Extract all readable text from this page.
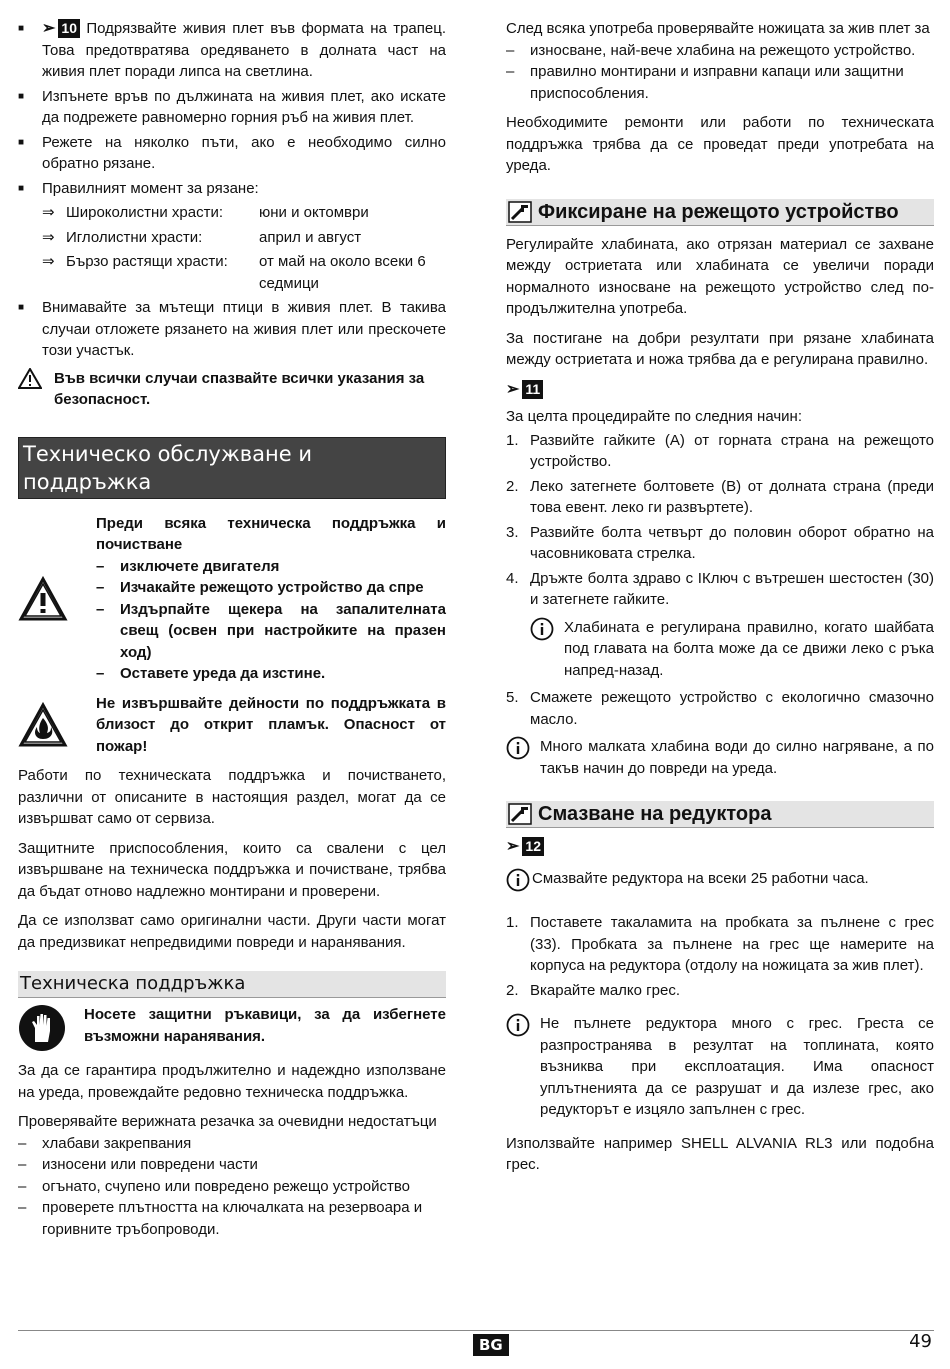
■ ➢ 10 Подрязвайте живия плет във формата на трапец. Това предотвратява оредяването в долната част на живия плет поради липса на светлина.
■ Изпънете връв по дължината на живия плет, ако искате да подрежете равномерно горния ръб на живия плет.
■ Режете на няколко пъти, ако е необходимо силно обратно рязане.
■ Правилният момент за рязане:
⇒ Широколистни храсти:	юни и октомври
⇒ Иглолистни храсти:	април и август
⇒ Бързо растящи храсти:	от май на около всеки 6 седмици
■ Внимавайте за мътещи птици в живия плет. В такива случаи отложете рязането на живия плет или прескочете този участък.
Във всички случаи спазвайте всички указания за безопасност.
Техническо обслужване и поддръжка
Преди всяка техническа поддръжка и почистване
– изключете двигателя
– Изчакайте режещото устройство да спре
– Издърпайте щекера на запалителната свещ (освен при настройките на празен ход)
– Оставете уреда да изстине.
Не извършвайте дейности по поддръжката в близост до открит пламък. Опасност от пожар!

Работи по техническата поддръжка и почистването, различни от описаните в настоящия раздел, могат да се извършват само от сервиза.

Защитните приспособления, които са свалени с цел извършване на техническа поддръжка и почистване, трябва да бъдат отново надлежно монтирани и проверени.

Да се използват само оригинални части. Други части могат да предизвикат непредвидими повреди и наранявания.

Техническа поддръжка
Носете защитни ръкавици, за да избегнете възможни наранявания.

За да се гарантира продължително и надеждно използване на уреда, провеждайте редовно техническа поддръжка.

Проверявайте верижната резачка за очевидни недостатъци

– хлабави закрепвания
– износени или повредени части
– огънато, счупено или повредено режещо устройство
– проверете плътността на ключалката на резервоара и горивните тръбопроводи.

След всяка употреба проверявайте ножицата за жив плет за

– износване, най-вече хлабина на режещото устройство.
– правилно монтирани и изправни капаци или защитни приспособления.

Необходимите ремонти или работи по техническата поддръжка трябва да се проведат преди употребата на уреда.

Фиксиране на режещото устройство

Регулирайте хлабината, ако отрязан материал се захване между остриетата или хлабината се увеличи поради нормалното износване на режещото устройство след по-продължителна употреба.

За постигане на добри резултати при рязане хлабината между остриетата и ножа трябва да е регулирана правилно.

➢ 11

За целта процедирайте по следния начин:

1. Развийте гайките (A) от горната страна на режещото устройство.
2. Леко затегнете болтовете (B) от долната страна (преди това евент. леко ги развъртете).
3. Развийте болта четвърт до половин оборот обратно на часовниковата стрелка.
4. Дръжте болта здраво с IКлюч с вътрешен шестостен (30) и затегнете гайките.
Хлабината е регулирана правилно, когато шайбата под главата на болта може да се движи леко с ръка напред-назад.
5. Смажете режещото устройство с екологично смазочно масло.
Много малката хлабина води до силно нагряване, а по такъв начин до повреди на уреда.
Смазване на редуктора
➢ 12
Смазвайте редуктора на всеки 25 работни часа.
1. Поставете такаламита на пробката за пълнене с грес (33). Пробката за пълнене на грес ще намерите на корпуса на редуктора (отдолу на ножицата за жив плет).
2. Вкарайте малко грес.
Не пълнете редуктора много с грес. Греста се разпространява в резултат на топлината, която възниква при експлоатация. Има опасност уплътненията да се разрушат и да излезе грес, ако редукторът е изцяло запълнен с грес.

Използвайте например SHELL ALVANIA RL3 или подобна грес.

BG	49
